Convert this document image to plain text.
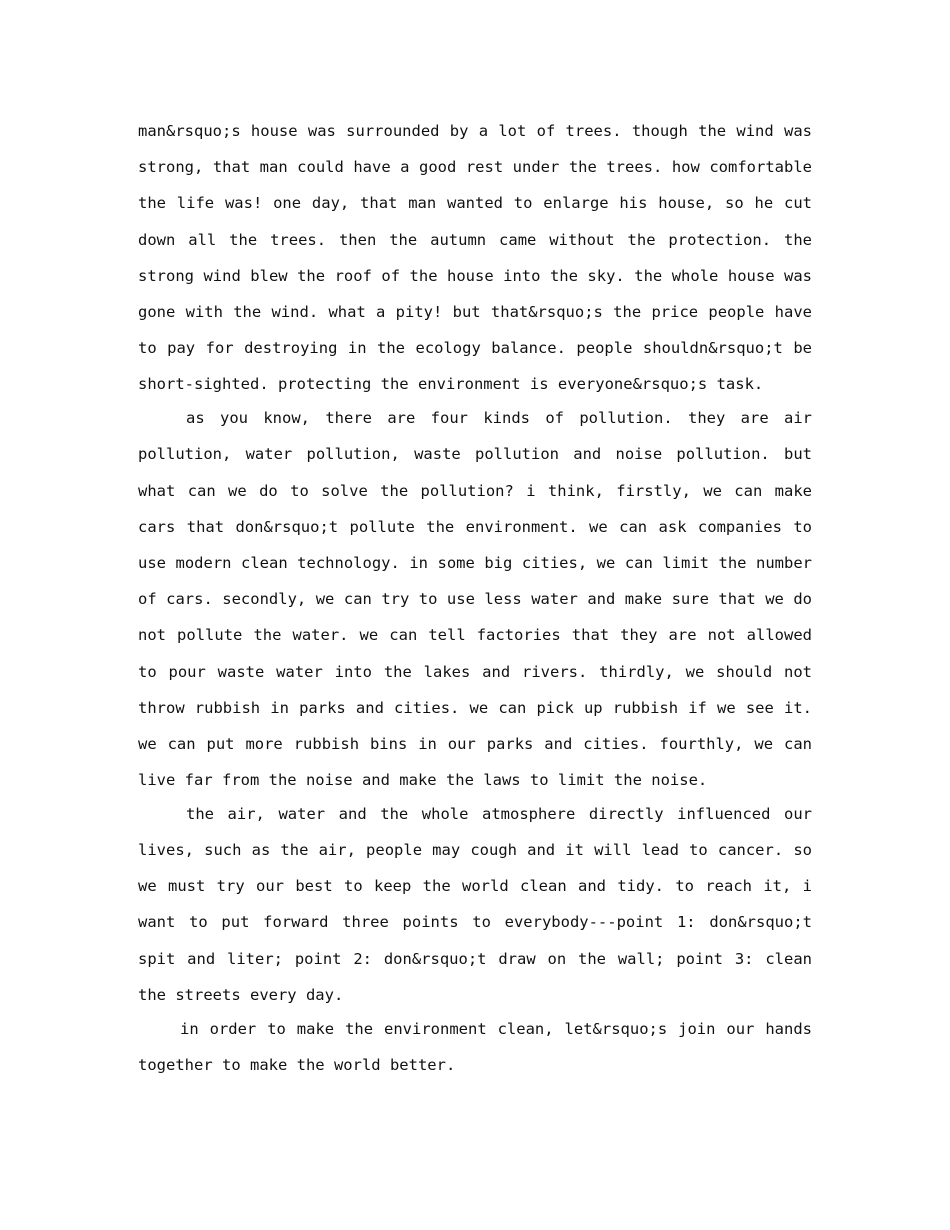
man&rsquo;s house was surrounded by a lot of trees. though the wind was strong, that man could have a good rest under the trees. how comfortable the life was! one day, that man wanted to enlarge his house, so he cut down all the trees. then the autumn came without the protection. the strong wind blew the roof of the house into the sky. the whole house was gone with the wind. what a pity! but that&rsquo;s the price people have to pay for destroying in the ecology balance. people shouldn&rsquo;t be short-sighted. protecting the environment is everyone&rsquo;s task.

as you know, there are four kinds of pollution. they are air pollution, water pollution, waste pollution and noise pollution. but what can we do to solve the pollution? i think, firstly, we can make cars that don&rsquo;t pollute the environment. we can ask companies to use modern clean technology. in some big cities, we can limit the number of cars. secondly, we can try to use less water and make sure that we do not pollute the water. we can tell factories that they are not allowed to pour waste water into the lakes and rivers. thirdly, we should not throw rubbish in parks and cities. we can pick up rubbish if we see it. we can put more rubbish bins in our parks and cities. fourthly, we can live far from the noise and make the laws to limit the noise.

the air, water and the whole atmosphere directly influenced our lives, such as the air, people may cough and it will lead to cancer. so we must try our best to keep the world clean and tidy. to reach it, i want to put forward three points to everybody---point 1: don&rsquo;t spit and liter; point 2: don&rsquo;t draw on the wall; point 3: clean the streets every day.

in order to make the environment clean, let&rsquo;s join our hands together to make the world better.
